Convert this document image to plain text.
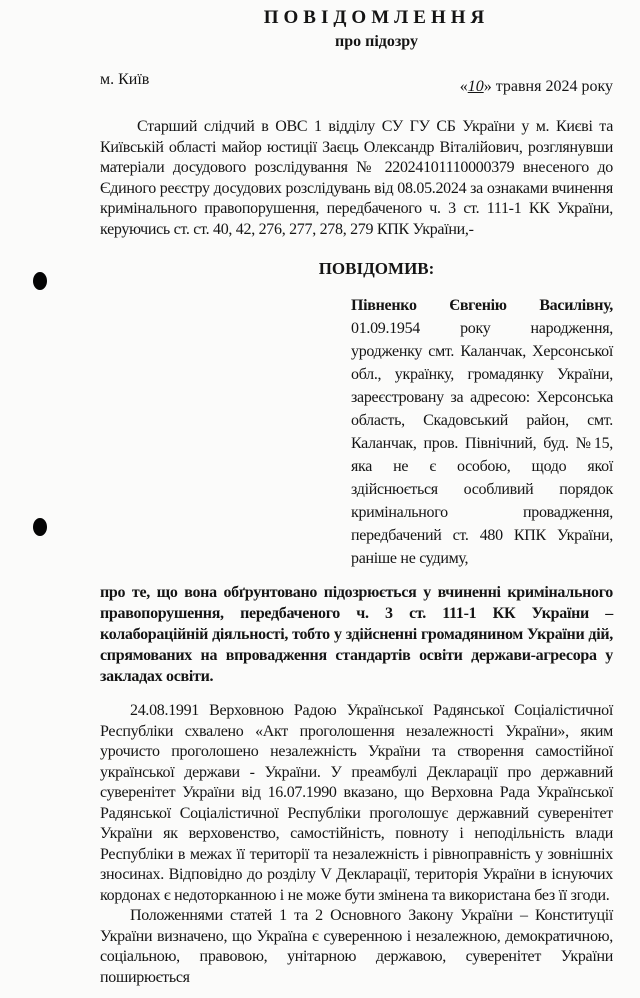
ПОВІДОМЛЕННЯ
про підозру
м. Київ	«10» травня 2024 року
Старший слідчий в ОВС 1 відділу СУ ГУ СБ України у м. Києві та Київській області майор юстиції Заєць Олександр Віталійович, розглянувши матеріали досудового розслідування № 22024101110000379 внесеного до Єдиного реєстру досудових розслідувань від 08.05.2024 за ознаками вчинення кримінального правопорушення, передбаченого ч. 3 ст. 111-1 КК України, керуючись ст. ст. 40, 42, 276, 277, 278, 279 КПК України,-
ПОВІДОМИВ:
Півненко Євгенію Василівну,
01.09.1954 року народження, уродженку смт. Каланчак, Херсонської обл., українку, громадянку України, зареєстровану за адресою: Херсонська область, Скадовський район, смт. Каланчак, пров. Північний, буд. №15, яка не є особою, щодо якої здійснюється особливий порядок кримінального провадження, передбачений ст. 480 КПК України, раніше не судиму,
про те, що вона обґрунтовано підозрюється у вчиненні кримінального правопорушення, передбаченого ч. 3 ст. 111-1 КК України – колабораційній діяльності, тобто у здійсненні громадянином України дій, спрямованих на впровадження стандартів освіти держави-агресора у закладах освіти.
24.08.1991 Верховною Радою Української Радянської Соціалістичної Республіки схвалено «Акт проголошення незалежності України», яким урочисто проголошено незалежність України та створення самостійної української держави - України. У преамбулі Декларації про державний суверенітет України від 16.07.1990 вказано, що Верховна Рада Української Радянської Соціалістичної Республіки проголошує державний суверенітет України як верховенство, самостійність, повноту і неподільність влади Республіки в межах її території та незалежність і рівноправність у зовнішніх зносинах. Відповідно до розділу V Декларації, територія України в існуючих кордонах є недоторканною і не може бути змінена та використана без її згоди.
Положеннями статей 1 та 2 Основного Закону України – Конституції України визначено, що Україна є суверенною і незалежною, демократичною, соціальною, правовою, унітарною державою, суверенітет України поширюється
